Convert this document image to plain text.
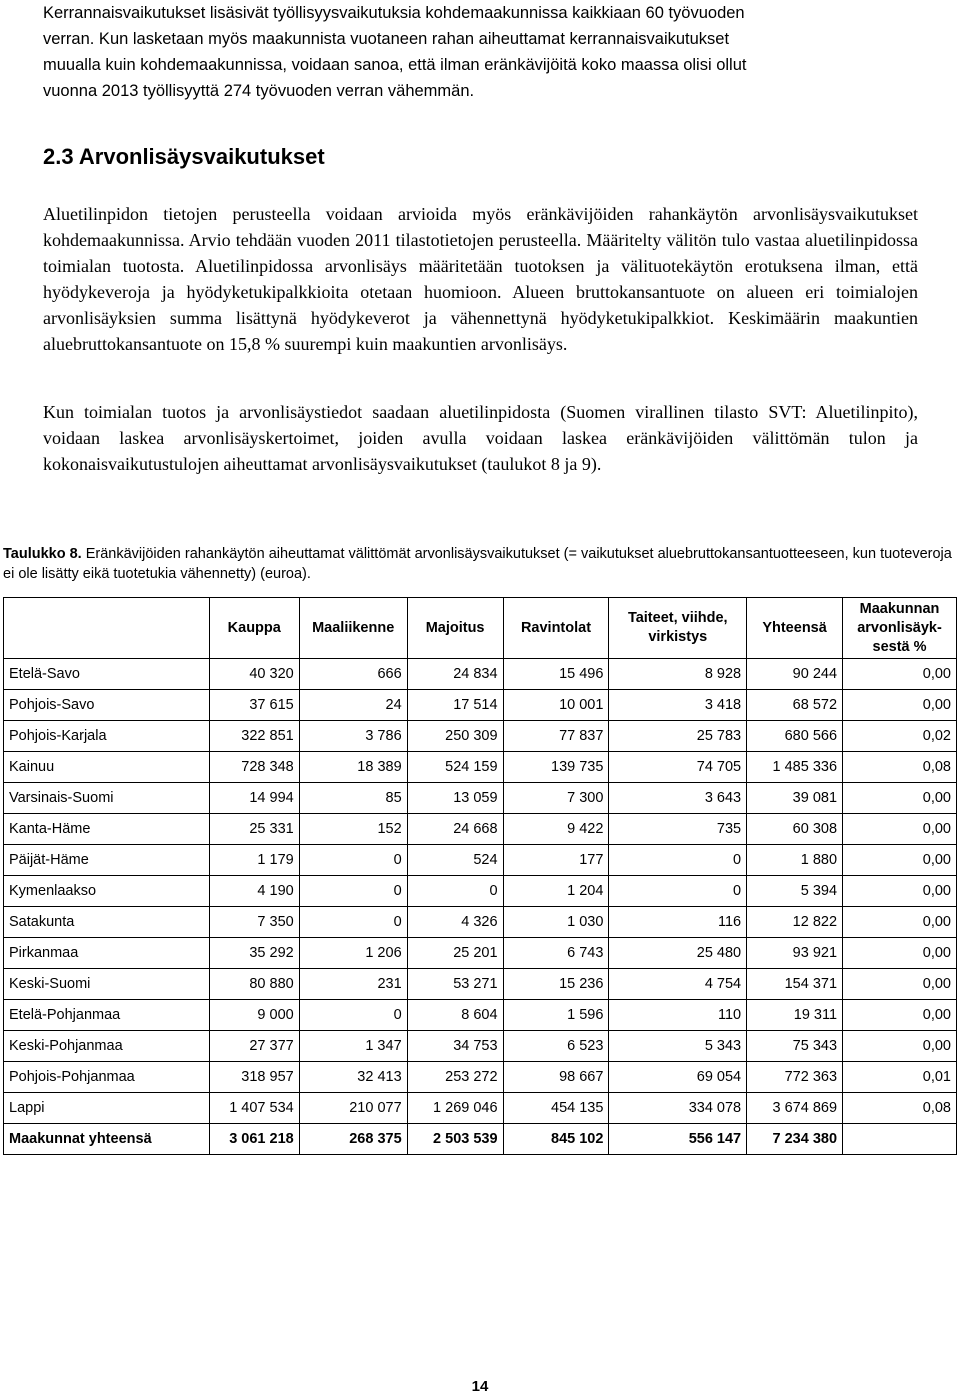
Kerrannaisvaikutukset lisäsivät työllisyysvaikutuksia kohdemaakunnissa kaikkiaan 60 työvuoden

verran. Kun lasketaan myös maakunnista vuotaneen rahan aiheuttamat kerrannaisvaikutukset

muualla kuin kohdemaakunnissa, voidaan sanoa, että ilman eränkävijöitä koko maassa olisi ollut

vuonna 2013 työllisyyttä 274 työvuoden verran vähemmän.

2.3 Arvonlisäysvaikutukset

Aluetilinpidon tietojen perusteella voidaan arvioida myös eränkävijöiden rahankäytön arvonlisäysvaikutukset kohdemaakunnissa. Arvio tehdään vuoden 2011 tilastotietojen perusteella. Määritelty välitön tulo vastaa aluetilinpidossa toimialan tuotosta. Aluetilinpidossa arvonlisäys määritetään tuotoksen ja välituotekäytön erotuksena ilman, että hyödykeveroja ja hyödyketukipalkkioita otetaan huomioon. Alueen bruttokansantuote on alueen eri toimialojen arvonlisäyksien summa lisättynä hyödykeverot ja vähennettynä hyödyketukipalkkiot. Keskimäärin maakuntien aluebruttokansantuote on 15,8 % suurempi kuin maakuntien arvonlisäys.

Kun toimialan tuotos ja arvonlisäystiedot saadaan aluetilinpidosta (Suomen virallinen tilasto SVT: Aluetilinpito), voidaan laskea arvonlisäyskertoimet, joiden avulla voidaan laskea eränkävijöiden välittömän tulon ja kokonaisvaikutustulojen aiheuttamat arvonlisäysvaikutukset (taulukot 8 ja 9).

Taulukko 8. Eränkävijöiden rahankäytön aiheuttamat välittömät arvonlisäysvaikutukset (= vaikutukset aluebruttokansantuotteeseen, kun tuoteveroja ei ole lisätty eikä tuotetukia vähennetty) (euroa).

	Kauppa	Maaliikenne	Majoitus	Ravintolat	Taiteet, viihde, virkistys	Yhteensä	Maakunnan arvonlisäyksestä %
Etelä-Savo	40 320	666	24 834	15 496	8 928	90 244	0,00
Pohjois-Savo	37 615	24	17 514	10 001	3 418	68 572	0,00
Pohjois-Karjala	322 851	3 786	250 309	77 837	25 783	680 566	0,02
Kainuu	728 348	18 389	524 159	139 735	74 705	1 485 336	0,08
Varsinais-Suomi	14 994	85	13 059	7 300	3 643	39 081	0,00
Kanta-Häme	25 331	152	24 668	9 422	735	60 308	0,00
Päijät-Häme	1 179	0	524	177	0	1 880	0,00
Kymenlaakso	4 190	0	0	1 204	0	5 394	0,00
Satakunta	7 350	0	4 326	1 030	116	12 822	0,00
Pirkanmaa	35 292	1 206	25 201	6 743	25 480	93 921	0,00
Keski-Suomi	80 880	231	53 271	15 236	4 754	154 371	0,00
Etelä-Pohjanmaa	9 000	0	8 604	1 596	110	19 311	0,00
Keski-Pohjanmaa	27 377	1 347	34 753	6 523	5 343	75 343	0,00
Pohjois-Pohjanmaa	318 957	32 413	253 272	98 667	69 054	772 363	0,01
Lappi	1 407 534	210 077	1 269 046	454 135	334 078	3 674 869	0,08
Maakunnat yhteensä	3 061 218	268 375	2 503 539	845 102	556 147	7 234 380	
14
